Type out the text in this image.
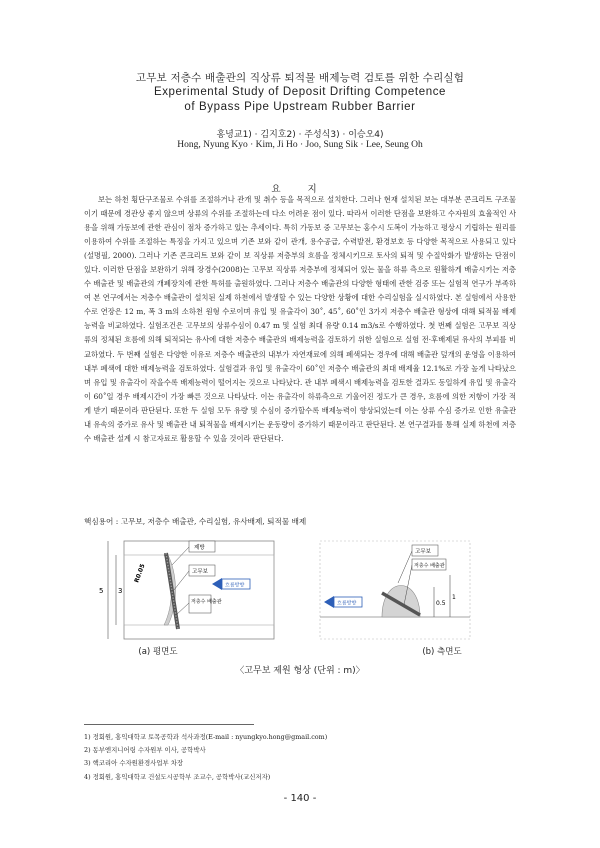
고무보 저층수 배출관의 직상류 퇴적물 배제능력 검토를 위한 수리실험
Experimental Study of Deposit Drifting Competence
of Bypass Pipe Upstream Rubber Barrier
홍녕교1) · 김지호2) · 주성식3) · 이승오4)
Hong, Nyung Kyo · Kim, Ji Ho · Joo, Sung Sik · Lee, Seung Oh
요 지

보는 하천 횡단구조물로 수위를 조절하거나 관개 및 취수 등을 목적으로 설치한다. 그러나 현재 설치된 보는 대부분 콘크리트 구조물이기 때문에 경관상 좋지 않으며 상류의 수위를 조절하는데 다소 어려운 점이 있다. 따라서 이러한 단점을 보완하고 수자원의 효율적인 사용을 위해 가동보에 관한 관심이 점차 증가하고 있는 추세이다. 특히 가동보 중 고무보는 홍수시 도복이 가능하고 평상시 기립하는 원리를 이용하여 수위를 조절하는 특징을 가지고 있으며 기존 보와 같이 관개, 용수공급, 수력발전, 환경보호 등 다양한 목적으로 사용되고 있다(설명필, 2000). 그러나 기존 콘크리트 보와 같이 보 직상류 저층부의 흐름을 정체시키므로 토사의 퇴적 및 수질악화가 발생하는 단점이 있다. 이러한 단점을 보완하기 위해 장경수(2008)는 고무보 직상류 저층부에 정체되어 있는 물을 하류 측으로 원활하게 배출시키는 저층수 배출관 및 배출관의 개폐장치에 관한 특허를 출원하였다. 그러나 저층수 배출관의 다양한 형태에 관한 검증 또는 실험적 연구가 부족하여 본 연구에서는 저층수 배출관이 설치된 실제 하천에서 발생할 수 있는 다양한 상황에 대한 수리실험을 실시하였다. 본 실험에서 사용한 수로 연장은 12 m, 폭 3 m의 소하천 원형 수로이며 유입 및 유출각이 30˚, 45˚, 60˚인 3가지 저층수 배출관 형상에 대해 퇴적물 배제능력을 비교하였다. 실험조건은 고무보의 상류수심이 0.47 m 및 실험 최대 유량 0.14 m3/s로 수행하였다. 첫 번째 실험은 고무보 직상류의 정체된 흐름에 의해 퇴적되는 유사에 대한 저층수 배출관의 배제능력을 검토하기 위한 실험으로 실험 전·후배제된 유사의 부피를 비교하였다. 두 번째 실험은 다양한 이유로 저층수 배출관의 내부가 자연재료에 의해 폐색되는 경우에 대해 배출관 덮개의 운영을 이용하여 내부 폐색에 대한 배제능력을 검토하였다. 실험결과 유입 및 유출각이 60˚인 저층수 배출관의 최대 배제율 12.1%로 가장 높게 나타났으며 유입 및 유출각이 작을수록 배제능력이 떨어지는 것으로 나타났다. 관 내부 폐색시 배제능력을 검토한 결과도 동일하게 유입 및 유출각이 60˚일 경우 배제시간이 가장 빠른 것으로 나타났다. 이는 유출각이 하류측으로 기울어진 정도가 큰 경우, 흐름에 의한 저항이 가장 적게 받기 때문이라 판단된다. 또한 두 실험 모두 유량 및 수심이 증가할수록 배제능력이 향상되었는데 이는 상류 수심 증가로 인한 유출관 내 유속의 증가로 유사 및 배출관 내 퇴적물을 배제시키는 운동량이 증가하기 때문이라고 판단된다. 본 연구결과를 통해 실제 하천에 저층수 배출관 설계 시 참고자료로 활용할 수 있을 것이라 판단된다.

핵심용어 : 고무보, 저층수 배출관, 수리실험, 유사배제, 퇴적물 배제
5 3
R0.05
제방
고무보
저층수 배출관
흐름방향
0.5
1
고무보
저층수 배출관
흐름방향
(a) 평면도	(b) 측면도
〈고무보 제원 형상 (단위 : m)〉
1) 정회원, 홍익대학교 토목공학과 석사과정(E-mail : nyungkyo.hong@gmail.com)
2) 동부엔지니어링 수자원부 이사, 공학박사
3) 핵코리아 수자원환경사업부 차장
4) 정회원, 홍익대학교 건설도시공학부 조교수, 공학박사(교신저자)
- 140 -
